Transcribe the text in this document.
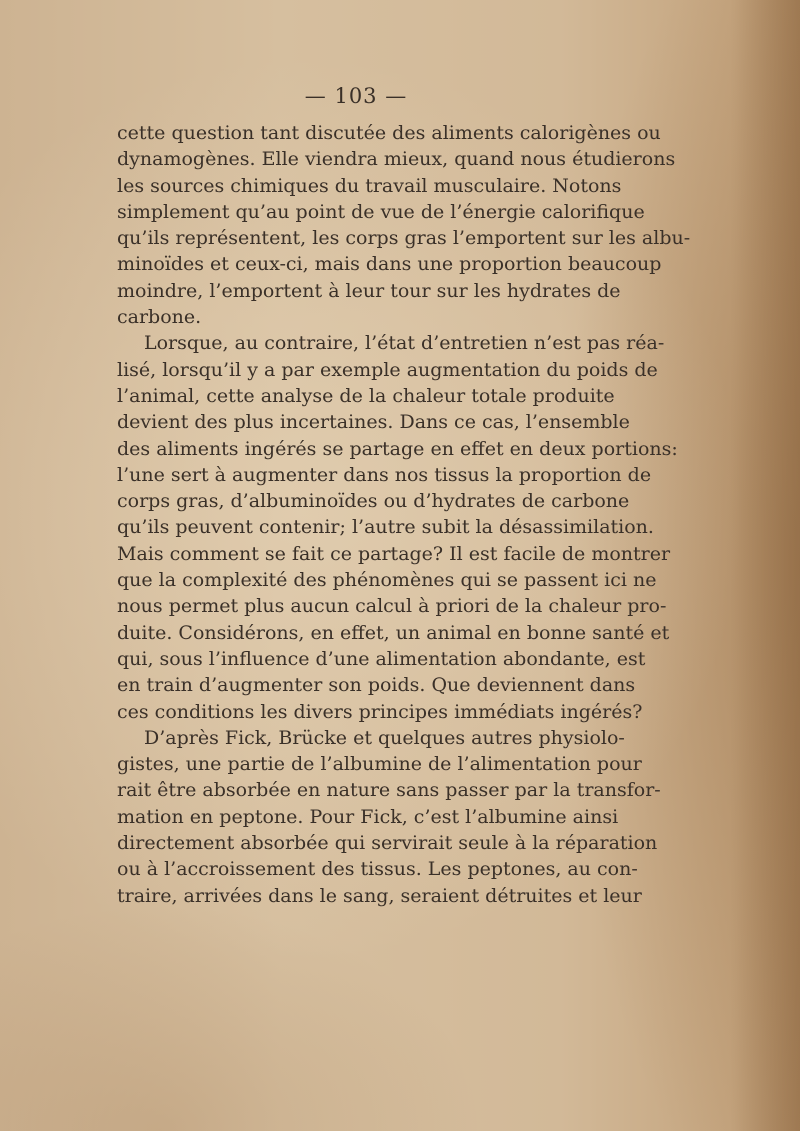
— 103 —
cette question tant discutée des aliments calorigènes ou
dynamogènes. Elle viendra mieux, quand nous étudierons
les sources chimiques du travail musculaire. Notons
simplement qu’au point de vue de l’énergie calorifique
qu’ils représentent, les corps gras l’emportent sur les albu-
minoïdes et ceux-ci, mais dans une proportion beaucoup
moindre, l’emportent à leur tour sur les hydrates de
carbone.
Lorsque, au contraire, l’état d’entretien n’est pas réa-
lisé, lorsqu’il y a par exemple augmentation du poids de
l’animal, cette analyse de la chaleur totale produite
devient des plus incertaines. Dans ce cas, l’ensemble
des aliments ingérés se partage en effet en deux portions:
l’une sert à augmenter dans nos tissus la proportion de
corps gras, d’albuminoïdes ou d’hydrates de carbone
qu’ils peuvent contenir; l’autre subit la désassimilation.
Mais comment se fait ce partage? Il est facile de montrer
que la complexité des phénomènes qui se passent ici ne
nous permet plus aucun calcul à priori de la chaleur pro-
duite. Considérons, en effet, un animal en bonne santé et
qui, sous l’influence d’une alimentation abondante, est
en train d’augmenter son poids. Que deviennent dans
ces conditions les divers principes immédiats ingérés?
D’après Fick, Brücke et quelques autres physiolo-
gistes, une partie de l’albumine de l’alimentation pour
rait être absorbée en nature sans passer par la transfor-
mation en peptone. Pour Fick, c’est l’albumine ainsi
directement absorbée qui servirait seule à la réparation
ou à l’accroissement des tissus. Les peptones, au con-
traire, arrivées dans le sang, seraient détruites et leur
